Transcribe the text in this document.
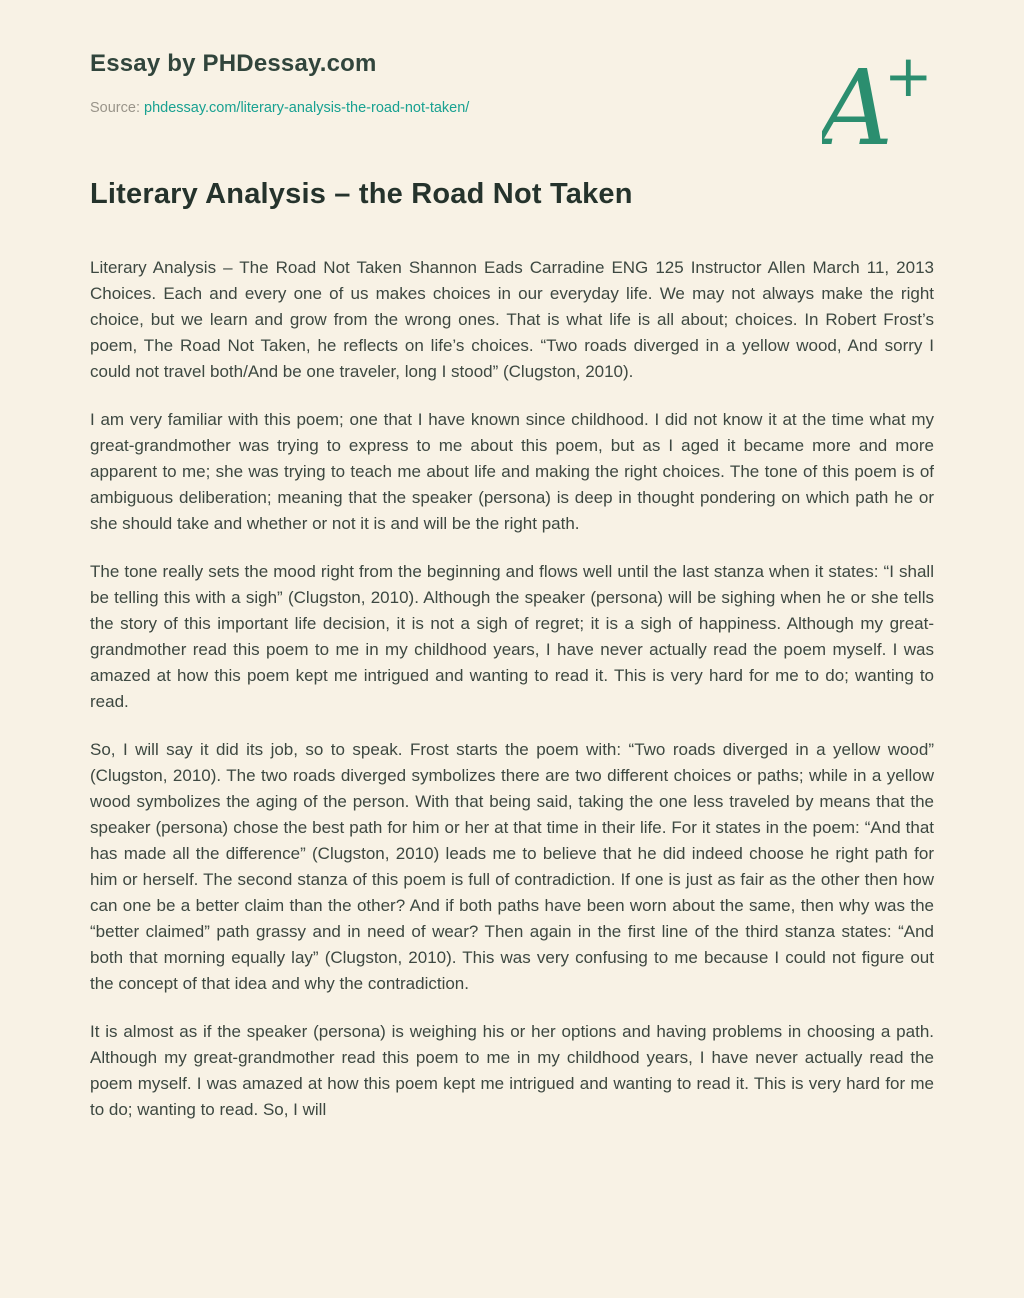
Essay by PHDessay.com
Source: phdessay.com/literary-analysis-the-road-not-taken/	A
+
Literary Analysis – the Road Not Taken

Literary Analysis – The Road Not Taken Shannon Eads Carradine ENG 125 Instructor Allen March 11, 2013 Choices. Each and every one of us makes choices in our everyday life. We may not always make the right choice, but we learn and grow from the wrong ones. That is what life is all about; choices. In Robert Frost’s poem, The Road Not Taken, he reflects on life’s choices. “Two roads diverged in a yellow wood, And sorry I could not travel both/And be one traveler, long I stood” (Clugston, 2010).

I am very familiar with this poem; one that I have known since childhood. I did not know it at the time what my great-grandmother was trying to express to me about this poem, but as I aged it became more and more apparent to me; she was trying to teach me about life and making the right choices. The tone of this poem is of ambiguous deliberation; meaning that the speaker (persona) is deep in thought pondering on which path he or she should take and whether or not it is and will be the right path.

The tone really sets the mood right from the beginning and flows well until the last stanza when it states: “I shall be telling this with a sigh” (Clugston, 2010). Although the speaker (persona) will be sighing when he or she tells the story of this important life decision, it is not a sigh of regret; it is a sigh of happiness. Although my great-grandmother read this poem to me in my childhood years, I have never actually read the poem myself. I was amazed at how this poem kept me intrigued and wanting to read it. This is very hard for me to do; wanting to read.

So, I will say it did its job, so to speak. Frost starts the poem with: “Two roads diverged in a yellow wood” (Clugston, 2010). The two roads diverged symbolizes there are two different choices or paths; while in a yellow wood symbolizes the aging of the person. With that being said, taking the one less traveled by means that the speaker (persona) chose the best path for him or her at that time in their life. For it states in the poem: “And that has made all the difference” (Clugston, 2010) leads me to believe that he did indeed choose he right path for him or herself. The second stanza of this poem is full of contradiction. If one is just as fair as the other then how can one be a better claim than the other? And if both paths have been worn about the same, then why was the “better claimed” path grassy and in need of wear? Then again in the first line of the third stanza states: “And both that morning equally lay” (Clugston, 2010). This was very confusing to me because I could not figure out the concept of that idea and why the contradiction.

It is almost as if the speaker (persona) is weighing his or her options and having problems in choosing a path. Although my great-grandmother read this poem to me in my childhood years, I have never actually read the poem myself. I was amazed at how this poem kept me intrigued and wanting to read it. This is very hard for me to do; wanting to read. So, I will
